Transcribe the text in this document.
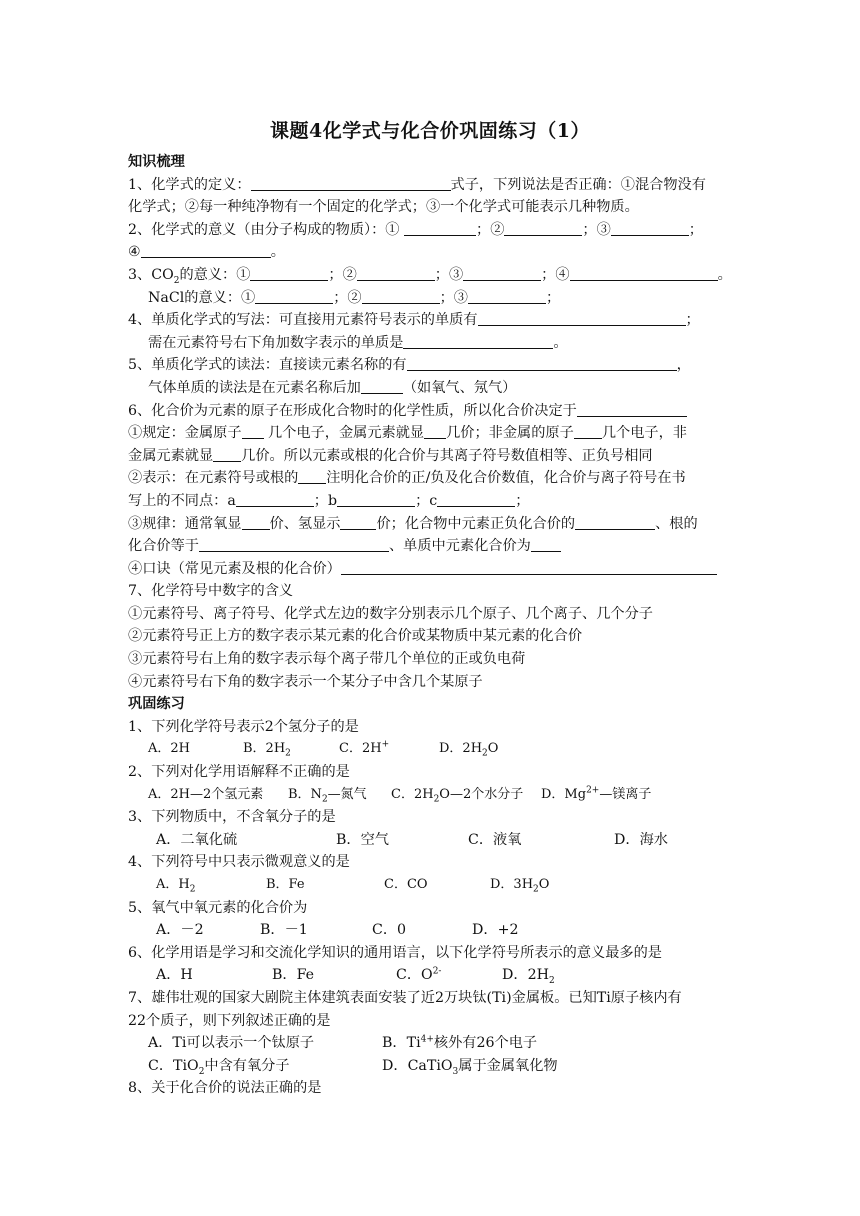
课题4化学式与化合价巩固练习（1）
知识梳理
1、化学式的定义：	式子，下列说法是否正确：①混合物没有
化学式；②每一种纯净物有一个固定的化学式；③一个化学式可能表示几种物质。
2、化学式的意义（由分子构成的物质）：①	；②	；③	；
④	。
3、$CO_2$的意义：①	；②	；③	；④	。
NaCl的意义：①	；②	；③	；
4、单质化学式的写法：可直接用元素符号表示的单质有	；
需在元素符号右下角加数字表示的单质是	。
5、单质化学式的读法：直接读元素名称的有	，
气体单质的读法是在元素名称后加	（如氧气、氖气）
6、化合价为元素的原子在形成化合物时的化学性质，所以化合价决定于
①规定：金属原子 几个电子，金属元素就显 几价；非金属的原子 几个电子，非
金属元素就显 几价。所以元素或根的化合价与其离子符号数值相等、正负号相同
②表示：在元素符号或根的 注明化合价的正/负及化合价数值，化合价与离子符号在书
写上的不同点：a	；b	；c	；
③规律：通常氧显 价、氢显示	价；化合物中元素正负化合价的	、根的
化合价等于	、单质中元素化合价为
④口诀（常见元素及根的化合价）
7、化学符号中数字的含义
①元素符号、离子符号、化学式左边的数字分别表示几个原子、几个离子、几个分子
②元素符号正上方的数字表示某元素的化合价或某物质中某元素的化合价
③元素符号右上角的数字表示每个离子带几个单位的正或负电荷
④元素符号右下角的数字表示一个某分子中含几个某原子
巩固练习
1、下列化学符号表示2个氢分子的是
A．2H	B．$2H_2$	C．2H+	D．$2H_2O$
2、下列对化学用语解释不正确的是
A．2H—2个氢元素 B．$N_2—$氮气 C．$2H_2O—2$个水分子 D．$Mg^{2+}—$镁离子
3、下列物质中，不含氧分子的是
A．二氧化硫	B．空气	C．液氧	D．海水
4、下列符号中只表示微观意义的是
A．$H_2$	B．Fe	C．CO	D．$3H_2O$
5、氧气中氧元素的化合价为
A．－2	B．－1	C．0	D．+2
6、化学用语是学习和交流化学知识的通用语言，以下化学符号所表示的意义最多的是
A．H	B．Fe	C．$O^{2-}$	D．$2H_2$
7、雄伟壮观的国家大剧院主体建筑表面安装了近2万块钛(Ti)金属板。已知Ti原子核内有
22个质子，则下列叙述正确的是
A．Ti可以表示一个钛原子	B．$Ti^{4+}$核外有26个电子
C．TiO$_2$中含有氧分子	D．CaTiO$_3$属于金属氧化物
8、关于化合价的说法正确的是
